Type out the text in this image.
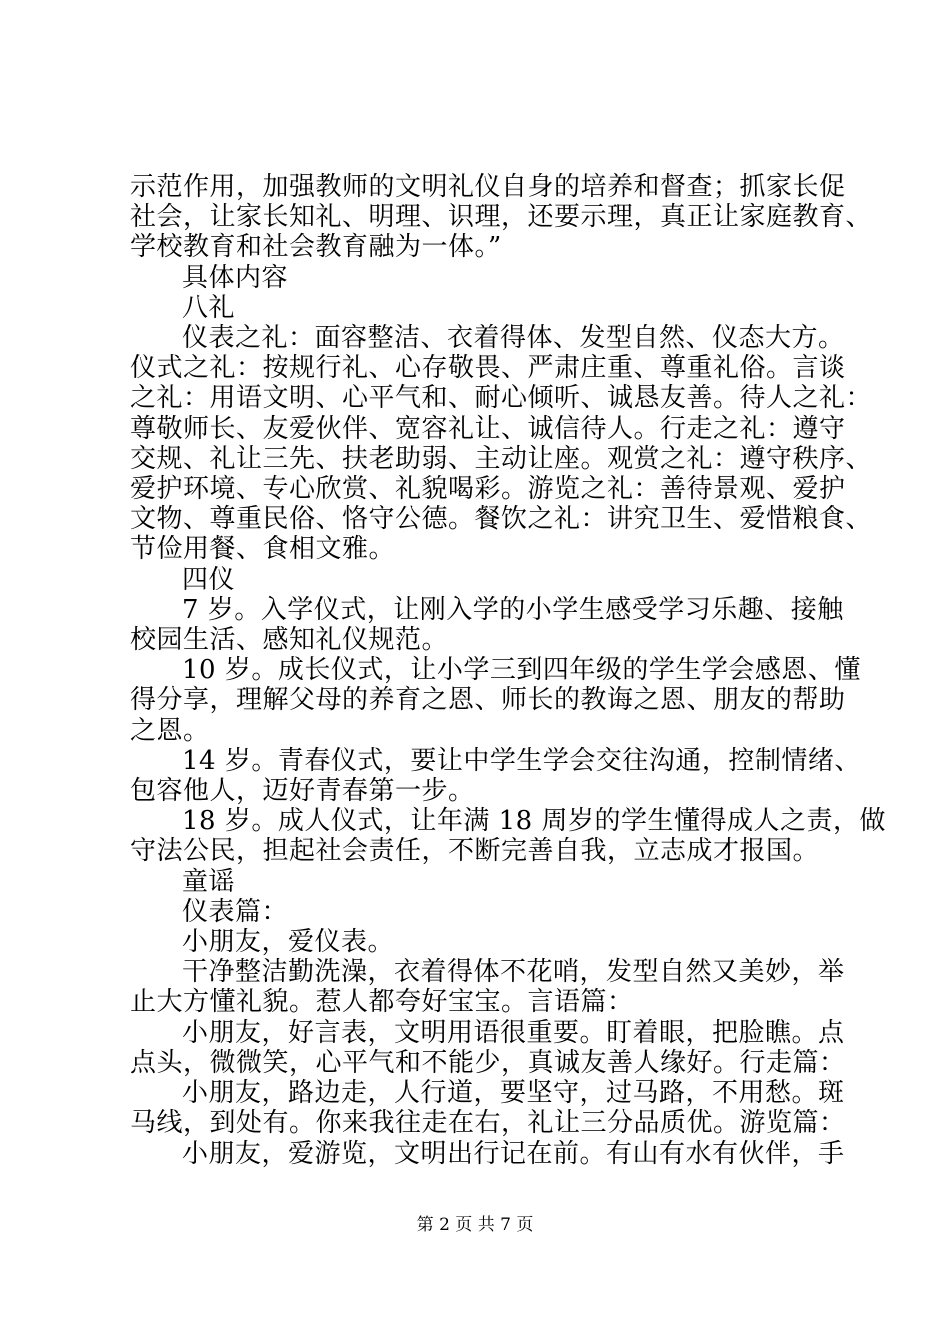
示范作用，加强教师的文明礼仪自身的培养和督查；抓家长促

社会，让家长知礼、明理、识理，还要示理，真正让家庭教育、

学校教育和社会教育融为一体。”

具体内容

八礼

仪表之礼：面容整洁、衣着得体、发型自然、仪态大方。

仪式之礼：按规行礼、心存敬畏、严肃庄重、尊重礼俗。言谈

之礼：用语文明、心平气和、耐心倾听、诚恳友善。待人之礼：

尊敬师长、友爱伙伴、宽容礼让、诚信待人。行走之礼：遵守

交规、礼让三先、扶老助弱、主动让座。观赏之礼：遵守秩序、

爱护环境、专心欣赏、礼貌喝彩。游览之礼：善待景观、爱护

文物、尊重民俗、恪守公德。餐饮之礼：讲究卫生、爱惜粮食、

节俭用餐、食相文雅。

四仪

7 岁。入学仪式，让刚入学的小学生感受学习乐趣、接触

校园生活、感知礼仪规范。

10 岁。成长仪式，让小学三到四年级的学生学会感恩、懂

得分享，理解父母的养育之恩、师长的教诲之恩、朋友的帮助

之恩。

14 岁。青春仪式，要让中学生学会交往沟通，控制情绪、

包容他人，迈好青春第一步。

18 岁。成人仪式，让年满 18 周岁的学生懂得成人之责，做

守法公民，担起社会责任，不断完善自我，立志成才报国。

童谣

仪表篇：

小朋友，爱仪表。

干净整洁勤洗澡，衣着得体不花哨，发型自然又美妙，举

止大方懂礼貌。惹人都夸好宝宝。言语篇：

小朋友，好言表，文明用语很重要。盯着眼，把脸瞧。点

点头，微微笑，心平气和不能少，真诚友善人缘好。行走篇：

小朋友，路边走，人行道，要坚守，过马路，不用愁。斑

马线，到处有。你来我往走在右，礼让三分品质优。游览篇：

小朋友，爱游览，文明出行记在前。有山有水有伙伴，手

第 2 页 共 7 页
